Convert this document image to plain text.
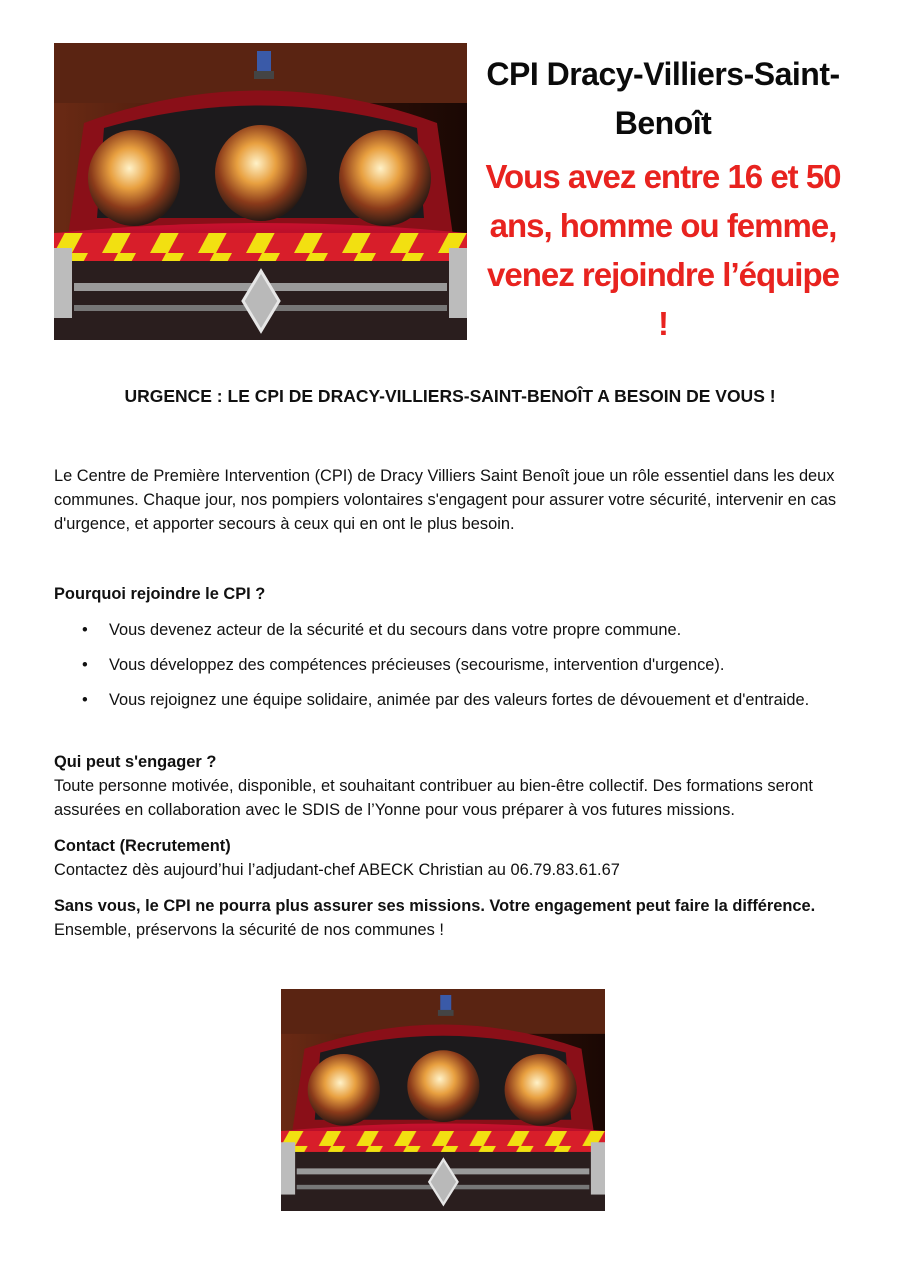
CPI Dracy-Villiers-Saint-Benoît

Vous avez entre 16 et 50 ans, homme ou femme, venez rejoindre l’équipe !

URGENCE : LE CPI DE DRACY-VILLIERS-SAINT-BENOÎT A BESOIN DE VOUS !

Le Centre de Première Intervention (CPI) de Dracy Villiers Saint Benoît joue un rôle essentiel dans les deux communes. Chaque jour, nos pompiers volontaires s'engagent pour assurer votre sécurité, intervenir en cas d'urgence, et apporter secours à ceux qui en ont le plus besoin.

Pourquoi rejoindre le CPI ?

• Vous devenez acteur de la sécurité et du secours dans votre propre commune.
• Vous développez des compétences précieuses (secourisme, intervention d'urgence).
• Vous rejoignez une équipe solidaire, animée par des valeurs fortes de dévouement et d'entraide.
Qui peut s'engager ?
Toute personne motivée, disponible, et souhaitant contribuer au bien-être collectif. Des formations seront assurées en collaboration avec le SDIS de l’Yonne pour vous préparer à vos futures missions.
Contact (Recrutement)
Contactez dès aujourd’hui l’adjudant-chef ABECK Christian au 06.79.83.61.67
Sans vous, le CPI ne pourra plus assurer ses missions. Votre engagement peut faire la différence. Ensemble, préservons la sécurité de nos communes !
